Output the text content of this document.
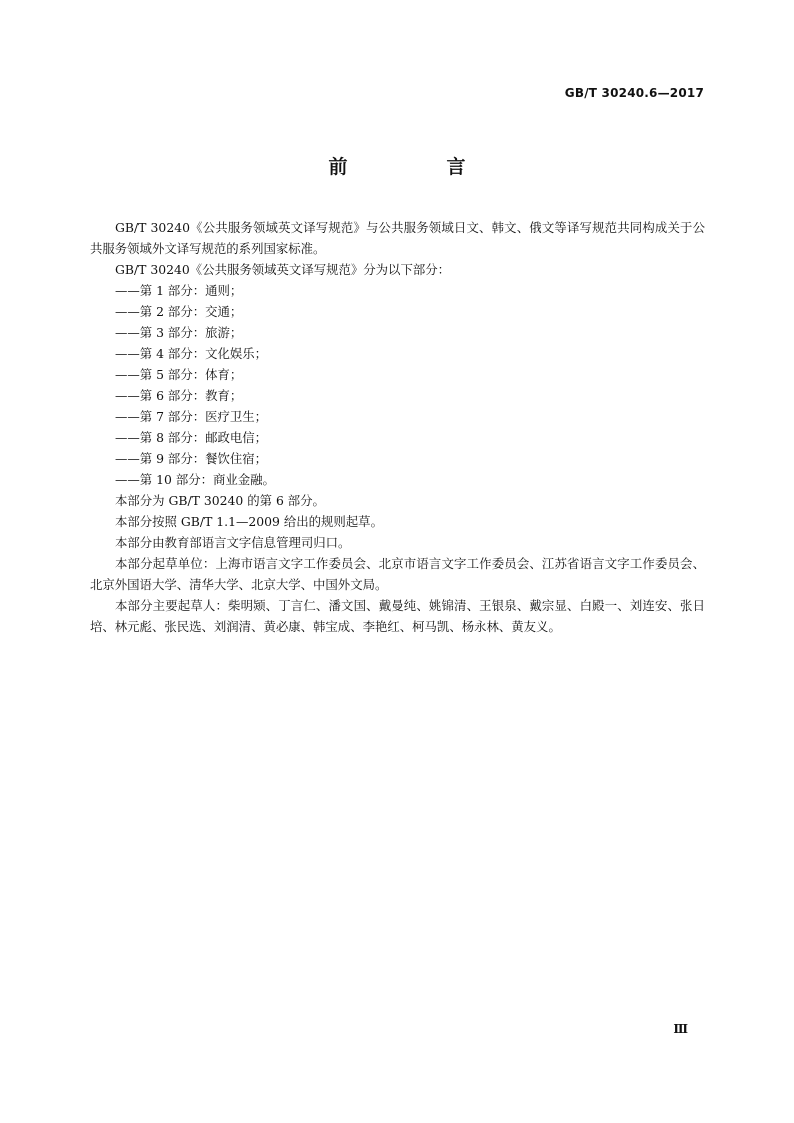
GB/T 30240.6—2017
前　言

GB/T 30240《公共服务领域英文译写规范》与公共服务领域日文、韩文、俄文等译写规范共同构成关于公共服务领域外文译写规范的系列国家标准。

GB/T 30240《公共服务领域英文译写规范》分为以下部分：

——第 1 部分：通则；

——第 2 部分：交通；

——第 3 部分：旅游；

——第 4 部分：文化娱乐；

——第 5 部分：体育；

——第 6 部分：教育；

——第 7 部分：医疗卫生；

——第 8 部分：邮政电信；

——第 9 部分：餐饮住宿；

——第 10 部分：商业金融。

本部分为 GB/T 30240 的第 6 部分。

本部分按照 GB/T 1.1—2009 给出的规则起草。

本部分由教育部语言文字信息管理司归口。

本部分起草单位：上海市语言文字工作委员会、北京市语言文字工作委员会、江苏省语言文字工作委员会、北京外国语大学、清华大学、北京大学、中国外文局。

本部分主要起草人：柴明颎、丁言仁、潘文国、戴曼纯、姚锦清、王银泉、戴宗显、白殿一、刘连安、张日培、林元彪、张民选、刘润清、黄必康、韩宝成、李艳红、柯马凯、杨永林、黄友义。

Ⅲ
